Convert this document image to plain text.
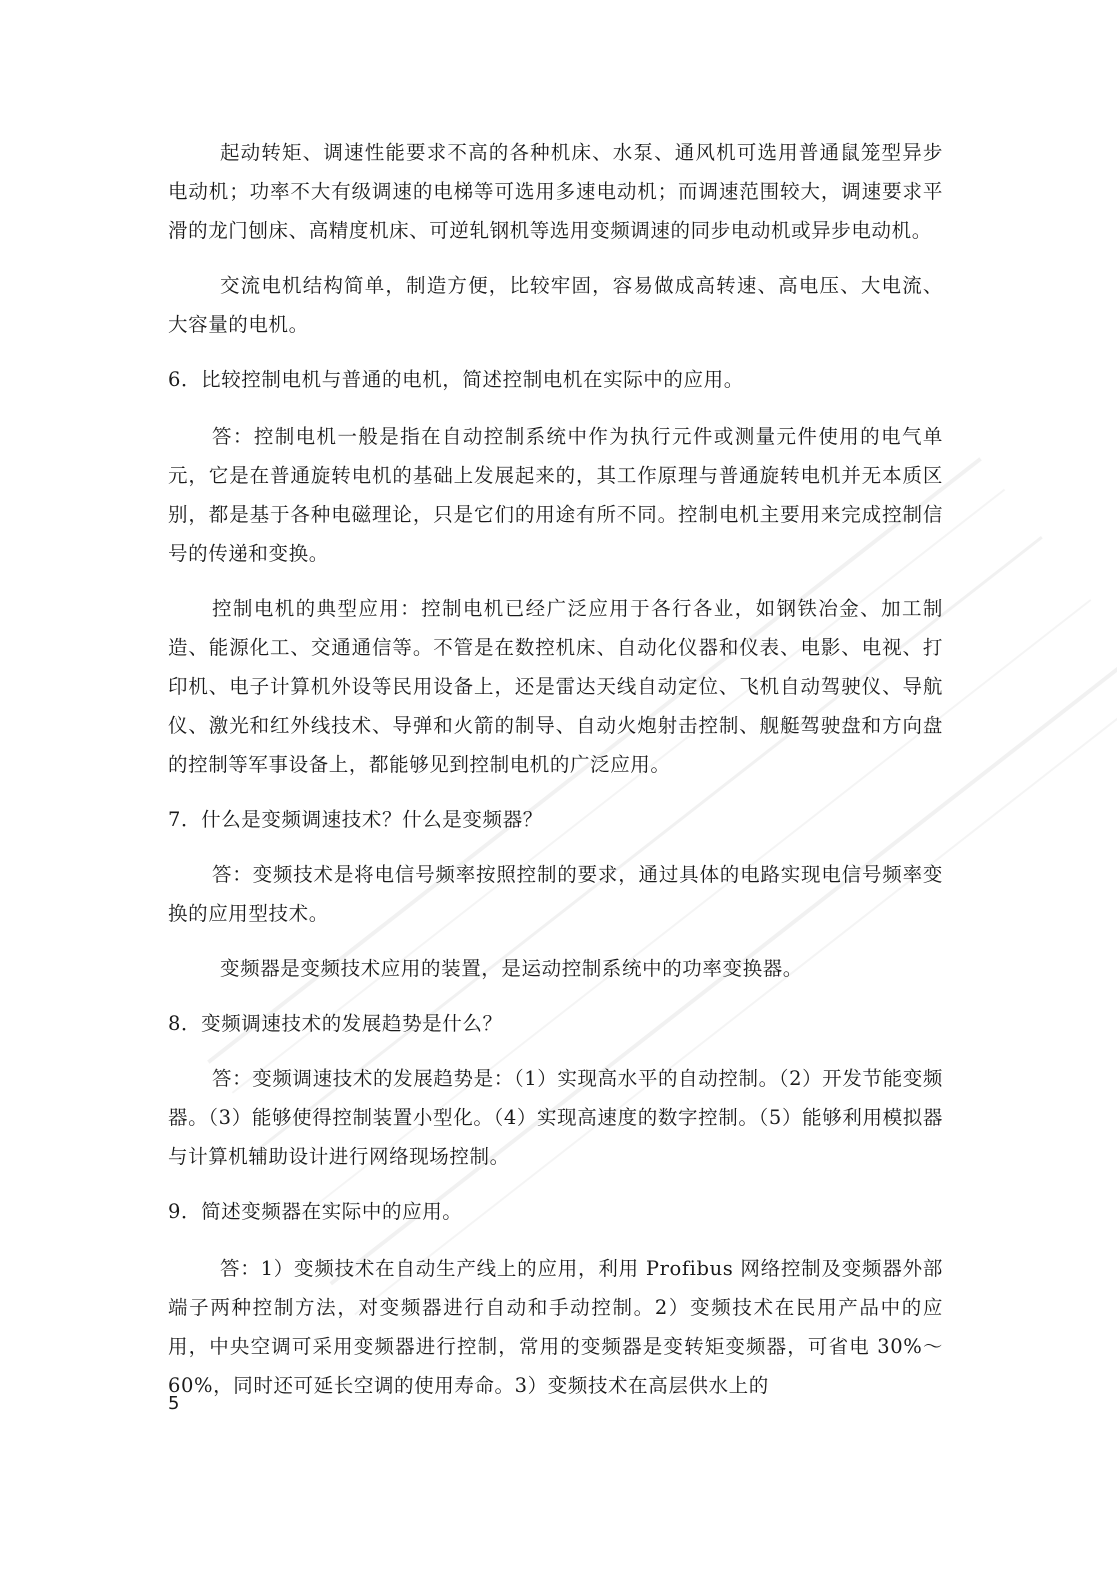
起动转矩、调速性能要求不高的各种机床、水泵、通风机可选用普通鼠笼型异步电动机；功率不大有级调速的电梯等可选用多速电动机；而调速范围较大，调速要求平滑的龙门刨床、高精度机床、可逆轧钢机等选用变频调速的同步电动机或异步电动机。

交流电机结构简单，制造方便，比较牢固，容易做成高转速、高电压、大电流、大容量的电机。

6．比较控制电机与普通的电机，简述控制电机在实际中的应用。

答：控制电机一般是指在自动控制系统中作为执行元件或测量元件使用的电气单元，它是在普通旋转电机的基础上发展起来的，其工作原理与普通旋转电机并无本质区别，都是基于各种电磁理论，只是它们的用途有所不同。控制电机主要用来完成控制信号的传递和变换。

控制电机的典型应用：控制电机已经广泛应用于各行各业，如钢铁冶金、加工制造、能源化工、交通通信等。不管是在数控机床、自动化仪器和仪表、电影、电视、打印机、电子计算机外设等民用设备上，还是雷达天线自动定位、飞机自动驾驶仪、导航仪、激光和红外线技术、导弹和火箭的制导、自动火炮射击控制、舰艇驾驶盘和方向盘的控制等军事设备上，都能够见到控制电机的广泛应用。

7．什么是变频调速技术？什么是变频器？

答：变频技术是将电信号频率按照控制的要求，通过具体的电路实现电信号频率变换的应用型技术。

变频器是变频技术应用的装置，是运动控制系统中的功率变换器。

8．变频调速技术的发展趋势是什么？

答：变频调速技术的发展趋势是：（1）实现高水平的自动控制。（2）开发节能变频器。（3）能够使得控制装置小型化。（4）实现高速度的数字控制。（5）能够利用模拟器与计算机辅助设计进行网络现场控制。

9．简述变频器在实际中的应用。

答：1）变频技术在自动生产线上的应用，利用 Profibus 网络控制及变频器外部端子两种控制方法，对变频器进行自动和手动控制。2）变频技术在民用产品中的应用，中央空调可采用变频器进行控制，常用的变频器是变转矩变频器，可省电 30%～60%，同时还可延长空调的使用寿命。3）变频技术在高层供水上的

5
